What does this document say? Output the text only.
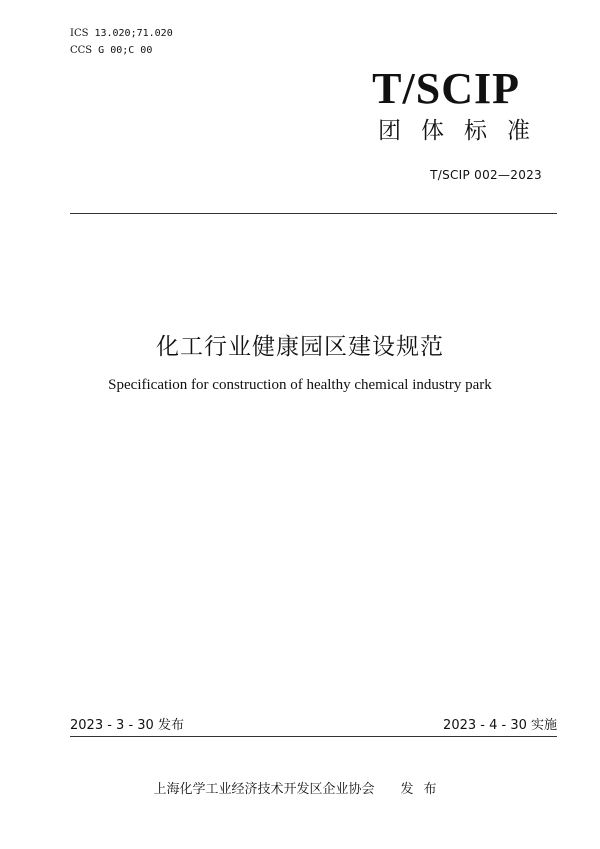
ICS 13.020;71.020
CCS G 00;C 00
T/SCIP
团体标准
T/SCIP 002—2023
化工行业健康园区建设规范
Specification for construction of healthy chemical industry park
2023 - 3 - 30 发布	2023 - 4 - 30 实施
上海化学工业经济技术开发区企业协会 发布
